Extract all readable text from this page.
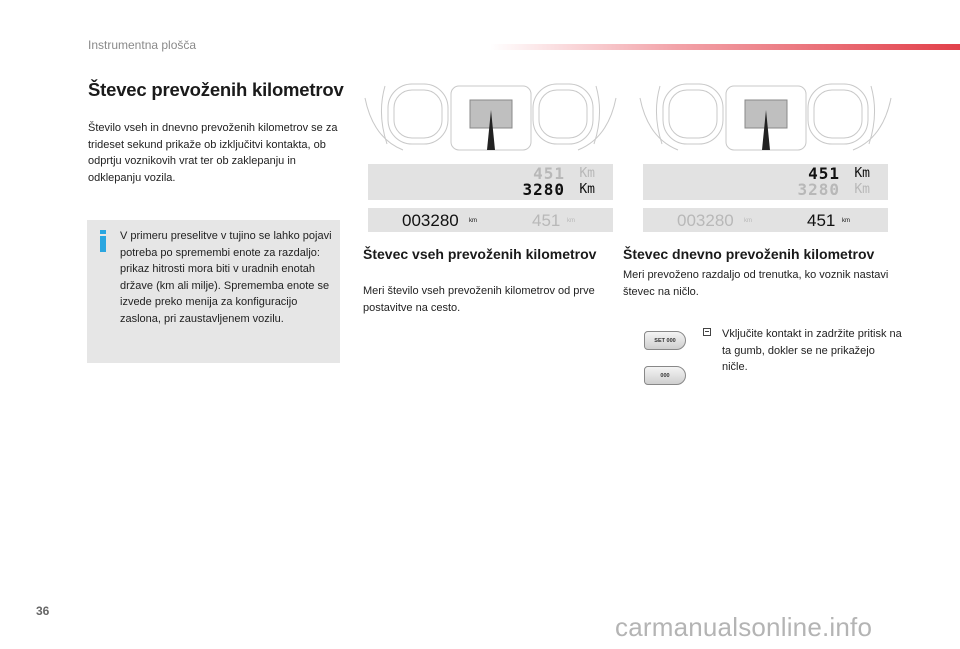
Instrumentna plošča
Števec prevoženih kilometrov
Število vseh in dnevno prevoženih kilometrov se za trideset sekund prikaže ob izključitvi kontakta, ob odprtju voznikovih vrat ter ob zaklepanju in odklepanju vozila.
V primeru preselitve v tujino se lahko pojavi potreba po spremembi enote za razdaljo: prikaz hitrosti mora biti v uradnih enotah države (km ali milje). Sprememba enote se izvede preko menija za konfiguracijo zaslona, pri zaustavljenem vozilu.
451 Km
3280 Km
003280 km	451 km
Števec vseh prevoženih kilometrov
Meri število vseh prevoženih kilometrov od prve postavitve na cesto.
451 Km
3280 Km
003280 km	451 km
Števec dnevno prevoženih kilometrov
Meri prevoženo razdaljo od trenutka, ko voznik nastavi števec na ničlo.
SET 000
000
Vključite kontakt in zadržite pritisk na ta gumb, dokler se ne prikažejo ničle.
36
carmanualsonline.info
